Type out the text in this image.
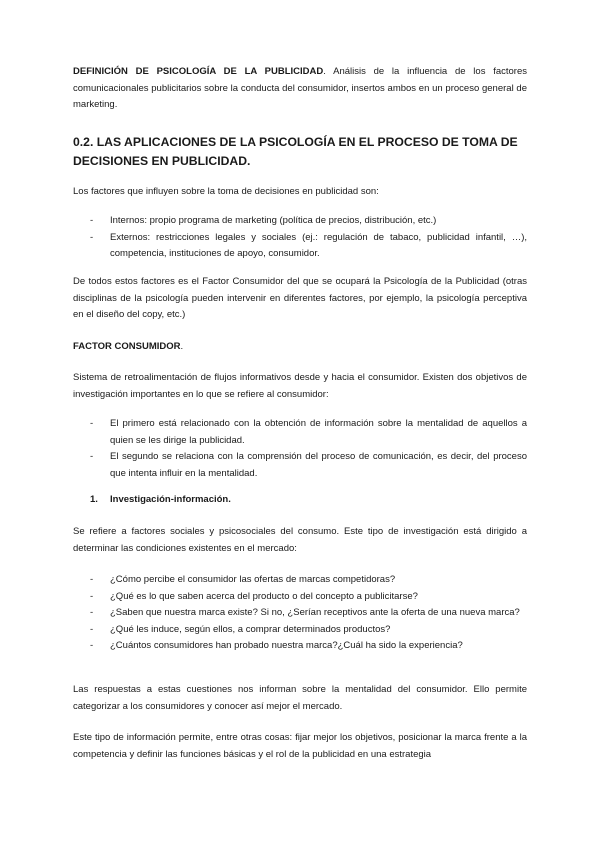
DEFINICIÓN DE PSICOLOGÍA DE LA PUBLICIDAD. Análisis de la influencia de los factores comunicacionales publicitarios sobre la conducta del consumidor, insertos ambos en un proceso general de marketing.

0.2. LAS APLICACIONES DE LA PSICOLOGÍA EN EL PROCESO DE TOMA DE DECISIONES EN PUBLICIDAD.

Los factores que influyen sobre la toma de decisiones en publicidad son:

- Internos: propio programa de marketing (política de precios, distribución, etc.)
- Externos: restricciones legales y sociales (ej.: regulación de tabaco, publicidad infantil, …), competencia, instituciones de apoyo, consumidor.

De todos estos factores es el Factor Consumidor del que se ocupará la Psicología de la Publicidad (otras disciplinas de la psicología pueden intervenir en diferentes factores, por ejemplo, la psicología perceptiva en el diseño del copy, etc.)

FACTOR CONSUMIDOR.

Sistema de retroalimentación de flujos informativos desde y hacia el consumidor. Existen dos objetivos de investigación importantes en lo que se refiere al consumidor:

- El primero está relacionado con la obtención de información sobre la mentalidad de aquellos a quien se les dirige la publicidad.
- El segundo se relaciona con la comprensión del proceso de comunicación, es decir, del proceso que intenta influir en la mentalidad.
1. Investigación-información.

Se refiere a factores sociales y psicosociales del consumo. Este tipo de investigación está dirigido a determinar las condiciones existentes en el mercado:

- ¿Cómo percibe el consumidor las ofertas de marcas competidoras?
- ¿Qué es lo que saben acerca del producto o del concepto a publicitarse?
- ¿Saben que nuestra marca existe? Si no, ¿Serían receptivos ante la oferta de una nueva marca?
- ¿Qué les induce, según ellos, a comprar determinados productos?
- ¿Cuántos consumidores han probado nuestra marca?¿Cuál ha sido la experiencia?

Las respuestas a estas cuestiones nos informan sobre la mentalidad del consumidor. Ello permite categorizar a los consumidores y conocer así mejor el mercado.

Este tipo de información permite, entre otras cosas: fijar mejor los objetivos, posicionar la marca frente a la competencia y definir las funciones básicas y el rol de la publicidad en una estrategia
